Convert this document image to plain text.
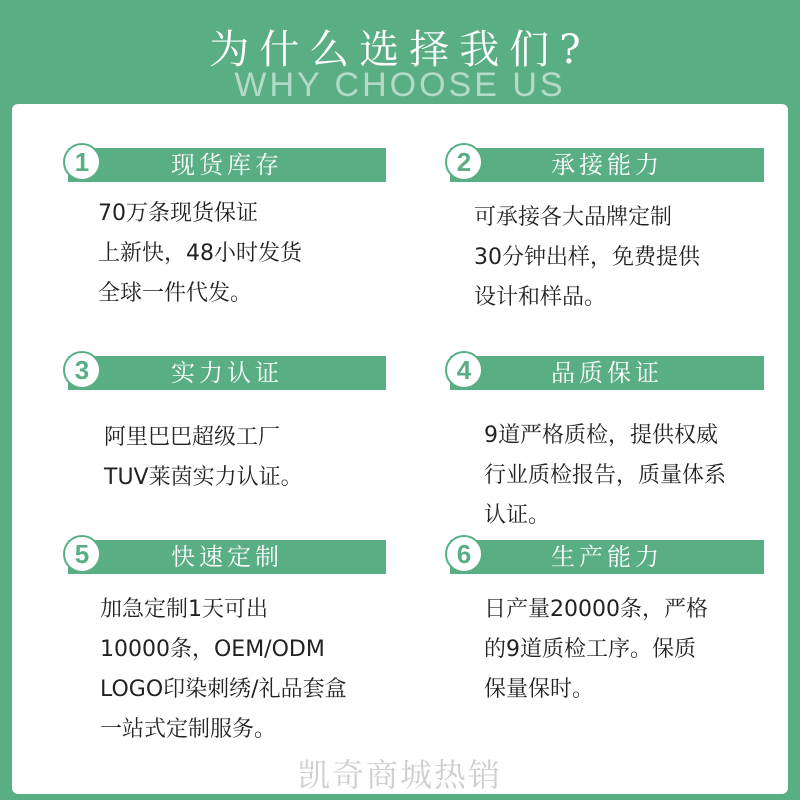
为什么选择我们?
WHY CHOOSE US
1	现货库存
70万条现货保证
上新快，48小时发货
全球一件代发。
2	承接能力
可承接各大品牌定制
30分钟出样，免费提供
设计和样品。
3	实力认证
阿里巴巴超级工厂
TUV莱茵实力认证。
4	品质保证
9道严格质检，提供权威
行业质检报告，质量体系
认证。
5	快速定制
加急定制1天可出
10000条，OEM/ODM
LOGO印染刺绣/礼品套盒
一站式定制服务。
6	生产能力
日产量20000条，严格
的9道质检工序。保质
保量保时。
凯奇商城热销
